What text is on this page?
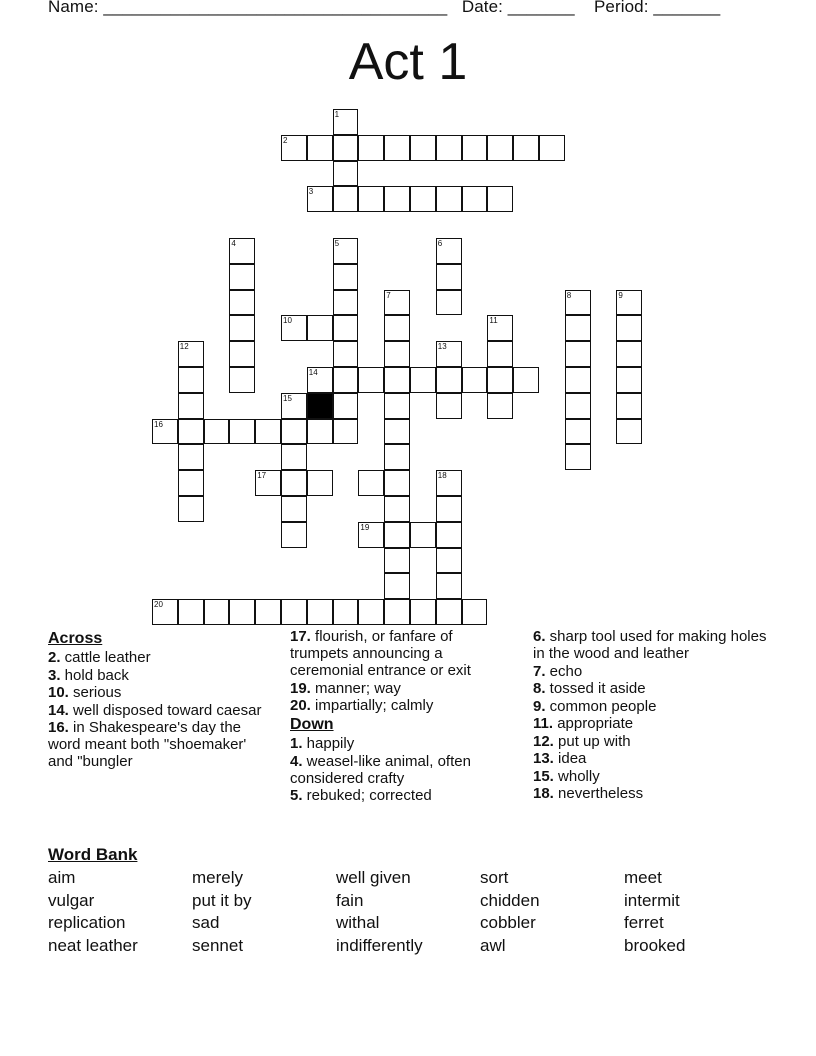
Name: ____________________________________ Date: _______ Period: _______
Act 1
1
2
3
4	5	6
7	8	9
10	11
12	13
14
15
16
17	18
19
20
Across
2. cattle leather
3. hold back
10. serious
14. well disposed toward caesar
16. in Shakespeare's day the word meant both "shoemaker' and "bungler
17. flourish, or fanfare of trumpets announcing a ceremonial entrance or exit
19. manner; way
20. impartially; calmly
Down
1. happily
4. weasel-like animal, often considered crafty
5. rebuked; corrected
6. sharp tool used for making holes in the wood and leather
7. echo
8. tossed it aside
9. common people
11. appropriate
12. put up with
13. idea
15. wholly
18. nevertheless
Word Bank
aim	merely	well given	sort	meet
vulgar	put it by	fain	chidden	intermit
replication	sad	withal	cobbler	ferret
neat leather	sennet	indifferently	awl	brooked
